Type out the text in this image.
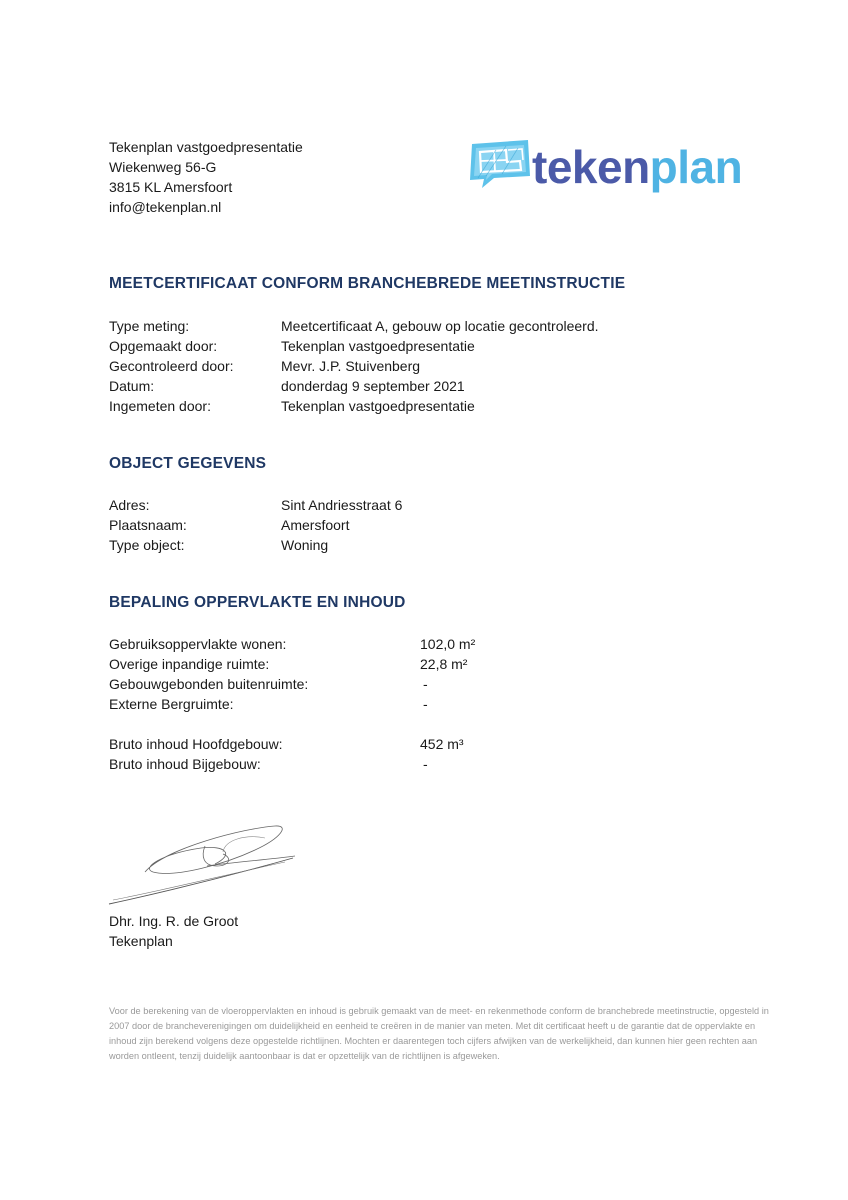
Tekenplan vastgoedpresentatie
Wiekenweg 56-G
3815 KL Amersfoort
info@tekenplan.nl
tekenplan
MEETCERTIFICAAT CONFORM BRANCHEBREDE MEETINSTRUCTIE
Type meting:	Meetcertificaat A, gebouw op locatie gecontroleerd.
Opgemaakt door:	Tekenplan vastgoedpresentatie
Gecontroleerd door:	Mevr. J.P. Stuivenberg
Datum:	donderdag 9 september 2021
Ingemeten door:	Tekenplan vastgoedpresentatie
OBJECT GEGEVENS
Adres:	Sint Andriesstraat 6
Plaatsnaam:	Amersfoort
Type object:	Woning
BEPALING OPPERVLAKTE EN INHOUD
Gebruiksoppervlakte wonen:	102,0 m²
Overige inpandige ruimte:	22,8 m²
Gebouwgebonden buitenruimte:	-
Externe Bergruimte:	-
Bruto inhoud Hoofdgebouw:	452 m³
Bruto inhoud Bijgebouw:	-
Dhr. Ing. R. de Groot
Tekenplan
Voor de berekening van de vloeroppervlakten en inhoud is gebruik gemaakt van de meet- en rekenmethode conform de branchebrede meetinstructie, opgesteld in 2007 door de brancheverenigingen om duidelijkheid en eenheid te creëren in de manier van meten. Met dit certificaat heeft u de garantie dat de oppervlakte en inhoud zijn berekend volgens deze opgestelde richtlijnen. Mochten er daarentegen toch cijfers afwijken van de werkelijkheid, dan kunnen hier geen rechten aan worden ontleent, tenzij duidelijk aantoonbaar is dat er opzettelijk van de richtlijnen is afgeweken.
